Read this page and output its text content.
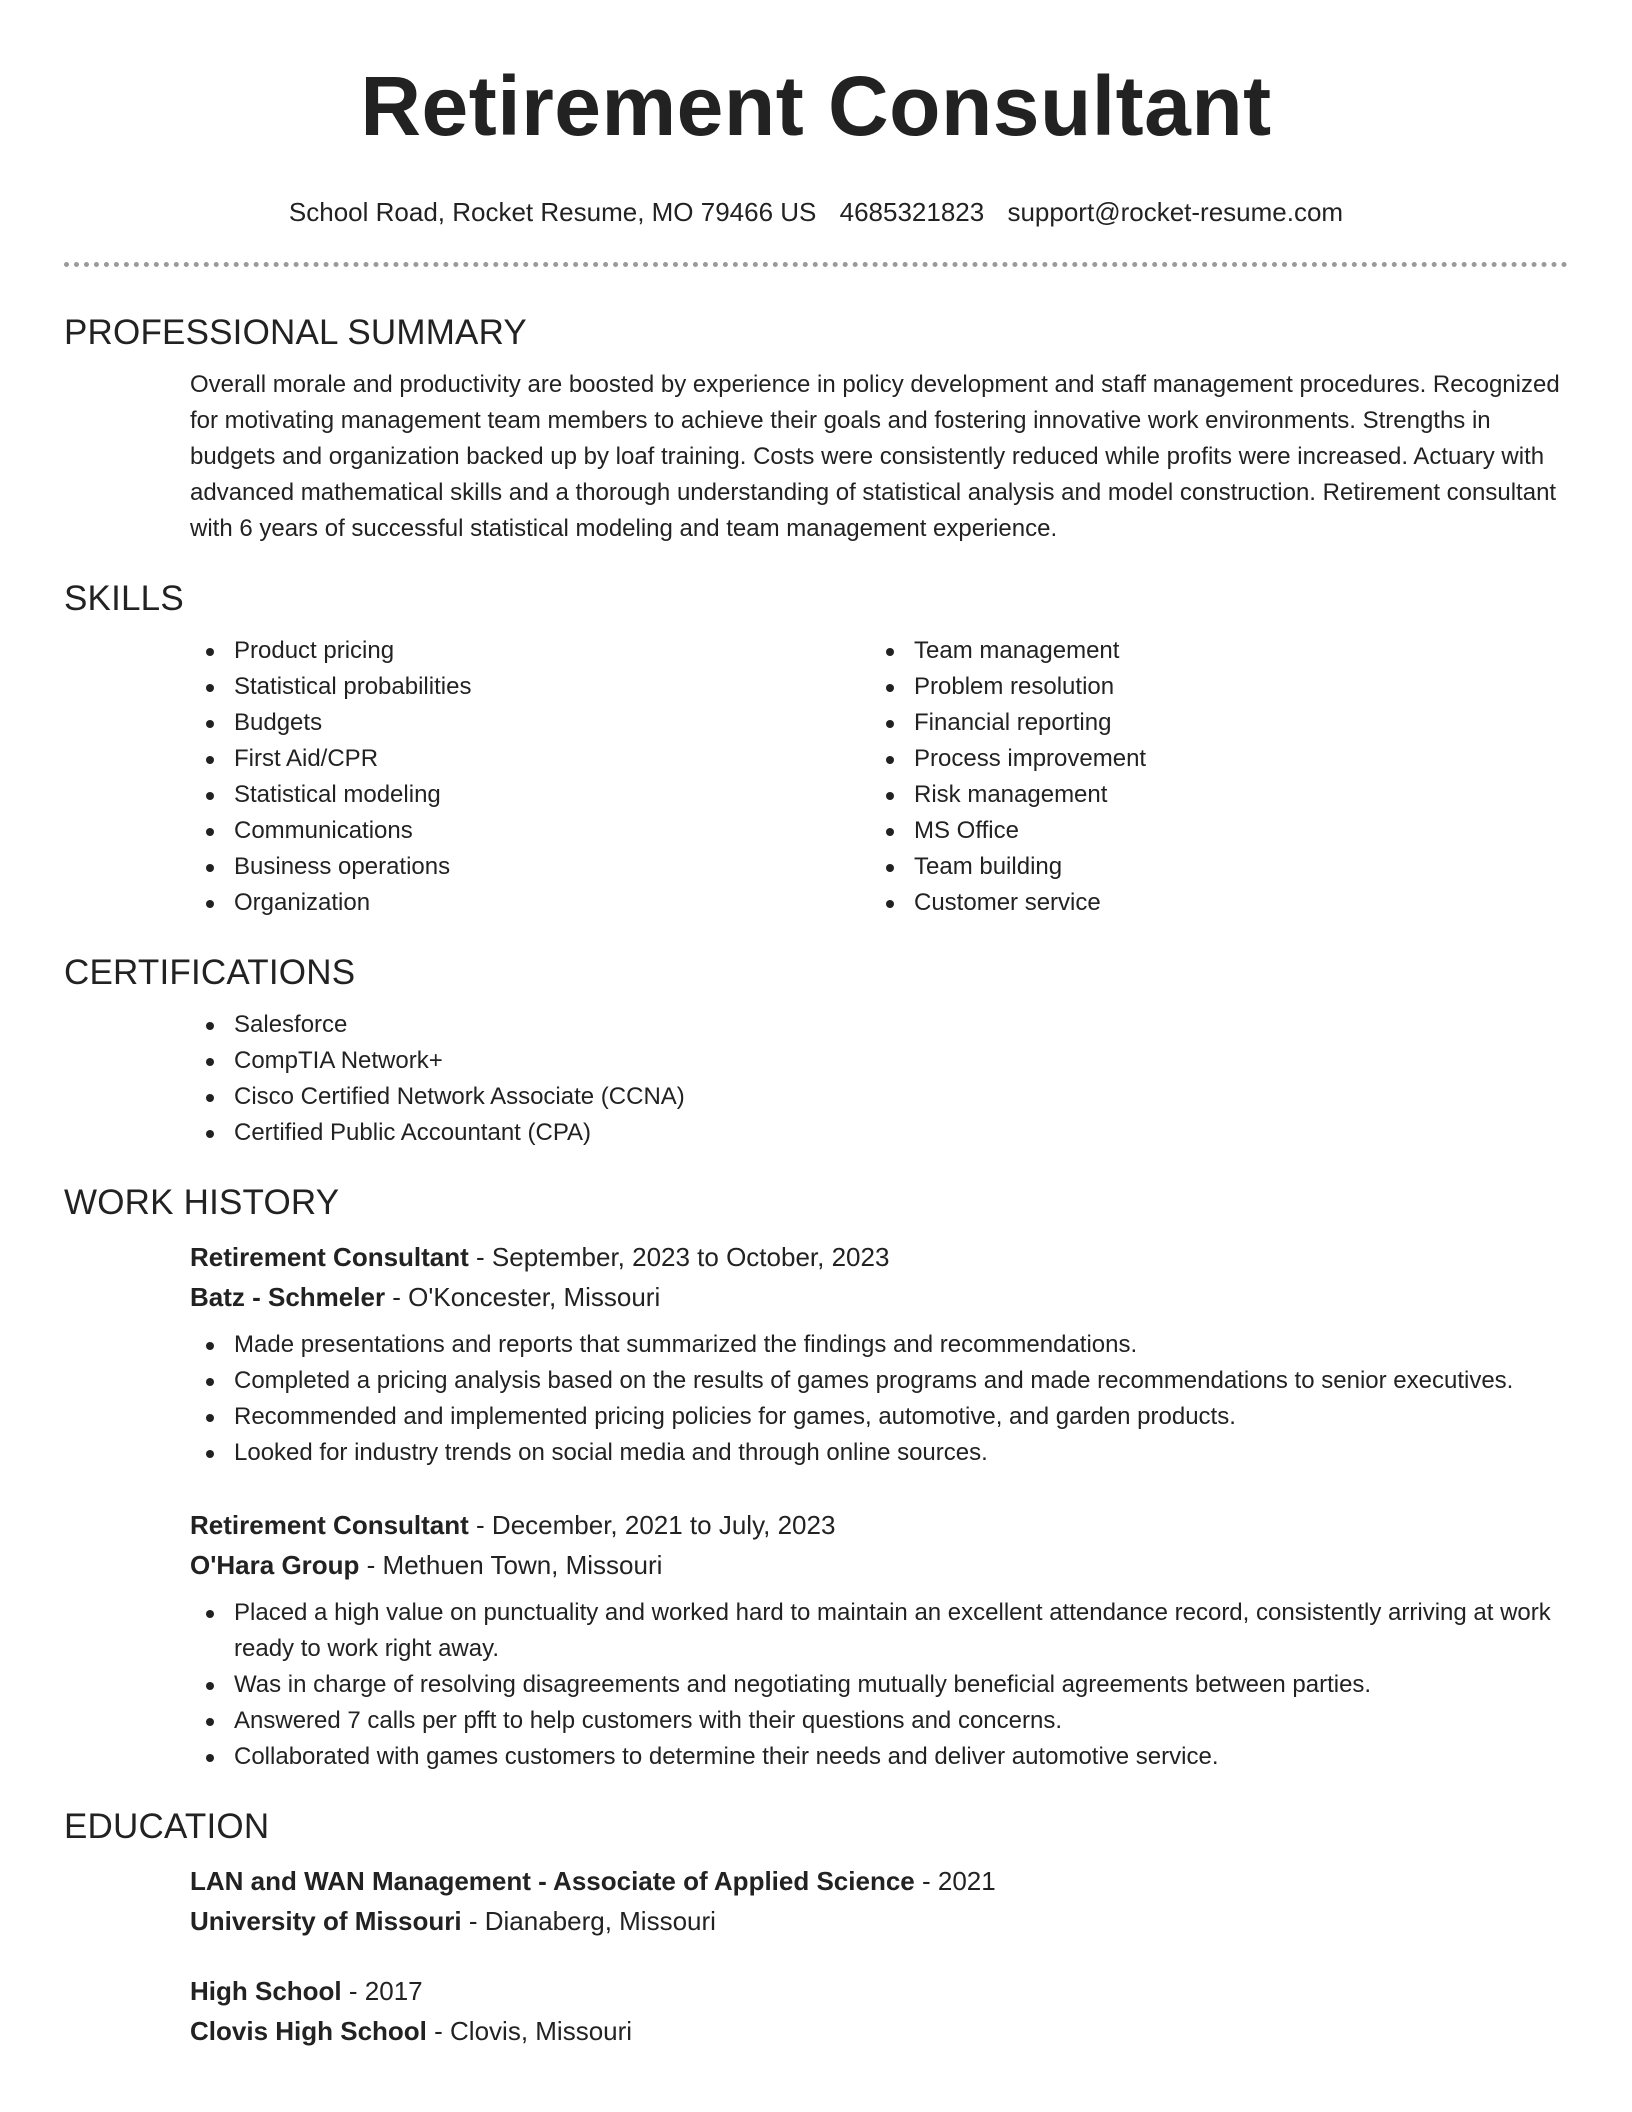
Retirement Consultant
School Road, Rocket Resume, MO 79466 US 4685321823 support@rocket-resume.com
PROFESSIONAL SUMMARY

Overall morale and productivity are boosted by experience in policy development and staff management procedures. Recognized for motivating management team members to achieve their goals and fostering innovative work environments. Strengths in budgets and organization backed up by loaf training. Costs were consistently reduced while profits were increased. Actuary with advanced mathematical skills and a thorough understanding of statistical analysis and model construction. Retirement consultant with 6 years of successful statistical modeling and team management experience.

SKILLS
Product pricing
Statistical probabilities
Budgets
First Aid/CPR
Statistical modeling
Communications
Business operations
Organization
Team management
Problem resolution
Financial reporting
Process improvement
Risk management
MS Office
Team building
Customer service
CERTIFICATIONS
Salesforce
CompTIA Network+
Cisco Certified Network Associate (CCNA)
Certified Public Accountant (CPA)
WORK HISTORY
Retirement Consultant - September, 2023 to October, 2023
Batz - Schmeler - O'Koncester, Missouri
Made presentations and reports that summarized the findings and recommendations.
Completed a pricing analysis based on the results of games programs and made recommendations to senior executives.
Recommended and implemented pricing policies for games, automotive, and garden products.
Looked for industry trends on social media and through online sources.
Retirement Consultant - December, 2021 to July, 2023
O'Hara Group - Methuen Town, Missouri
Placed a high value on punctuality and worked hard to maintain an excellent attendance record, consistently arriving at work ready to work right away.
Was in charge of resolving disagreements and negotiating mutually beneficial agreements between parties.
Answered 7 calls per pfft to help customers with their questions and concerns.
Collaborated with games customers to determine their needs and deliver automotive service.
EDUCATION
LAN and WAN Management - Associate of Applied Science - 2021
University of Missouri - Dianaberg, Missouri
High School - 2017
Clovis High School - Clovis, Missouri
